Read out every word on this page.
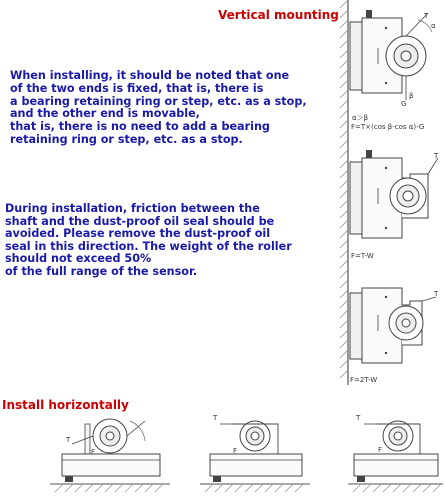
Vertical mounting
Install horizontally
When installing, it should be noted that one
of the two ends is fixed, that is, there is
a bearing retaining ring or step, etc. as a stop,
and the other end is movable,
that is, there is no need to add a bearing
retaining ring or step, etc. as a stop.
During installation, friction between the
shaft and the dust-proof oil seal should be
avoided. Please remove the dust-proof oil
seal in this direction. The weight of the roller
should not exceed 50%
of the full range of the sensor.
T
α
β
G
α＞β
F=T×(cos β-cos α)-G
T
F=T-W
T
F=2T-W
T
F
T
F
T
F
